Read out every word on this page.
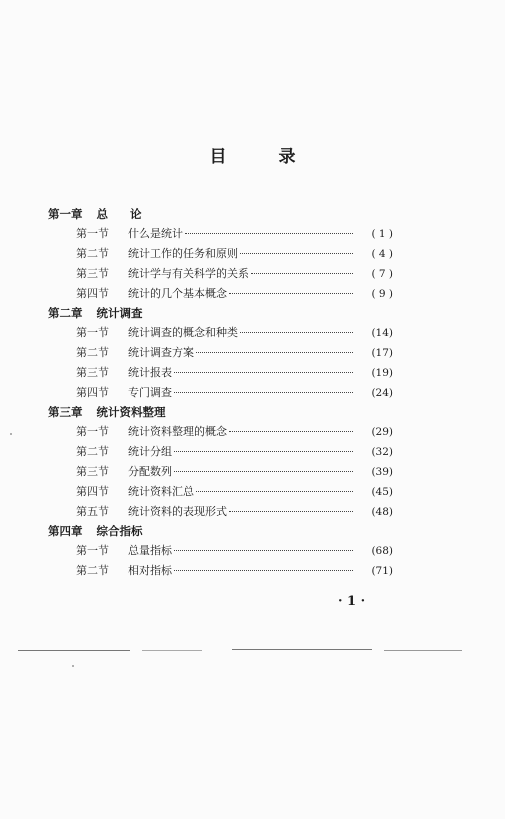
目	录
第一章 总论
第一节	什么是统计	( 1 )
第二节	统计工作的任务和原则	( 4 )
第三节	统计学与有关科学的关系	( 7 )
第四节	统计的几个基本概念	( 9 )
第二章 统计调查
第一节	统计调查的概念和种类	(14)
第二节	统计调查方案	(17)
第三节	统计报表	(19)
第四节	专门调查	(24)
第三章 统计资料整理
第一节	统计资料整理的概念	(29)
第二节	统计分组	(32)
第三节	分配数列	(39)
第四节	统计资料汇总	(45)
第五节	统计资料的表现形式	(48)
第四章 综合指标
第一节	总量指标	(68)
第二节	相对指标	(71)
· 1 ·
